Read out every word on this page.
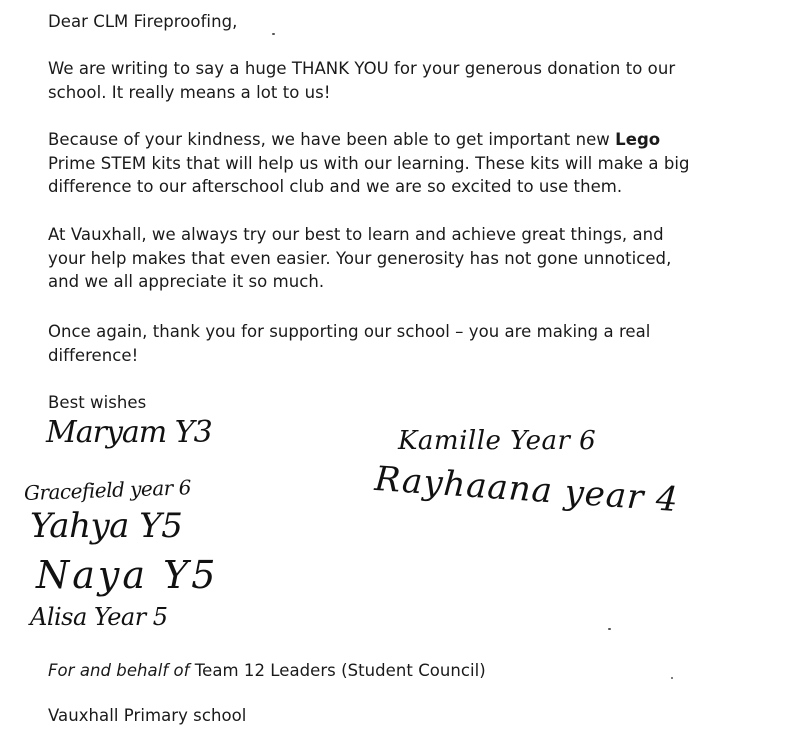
Dear CLM Fireproofing,

We are writing to say a huge THANK YOU for your generous donation to our
school. It really means a lot to us!

Because of your kindness, we have been able to get important new Lego
Prime STEM kits that will help us with our learning. These kits will make a big
difference to our afterschool club and we are so excited to use them.

At Vauxhall, we always try our best to learn and achieve great things, and
your help makes that even easier. Your generosity has not gone unnoticed,
and we all appreciate it so much.

Once again, thank you for supporting our school – you are making a real
difference!

Best wishes

Maryam Y3	Kamille Year 6
Gracefield year 6	Rayhaana year 4
Yahya Y5
Naya Y5
Alisa Year 5

For and behalf of Team 12 Leaders (Student Council)

Vauxhall Primary school
